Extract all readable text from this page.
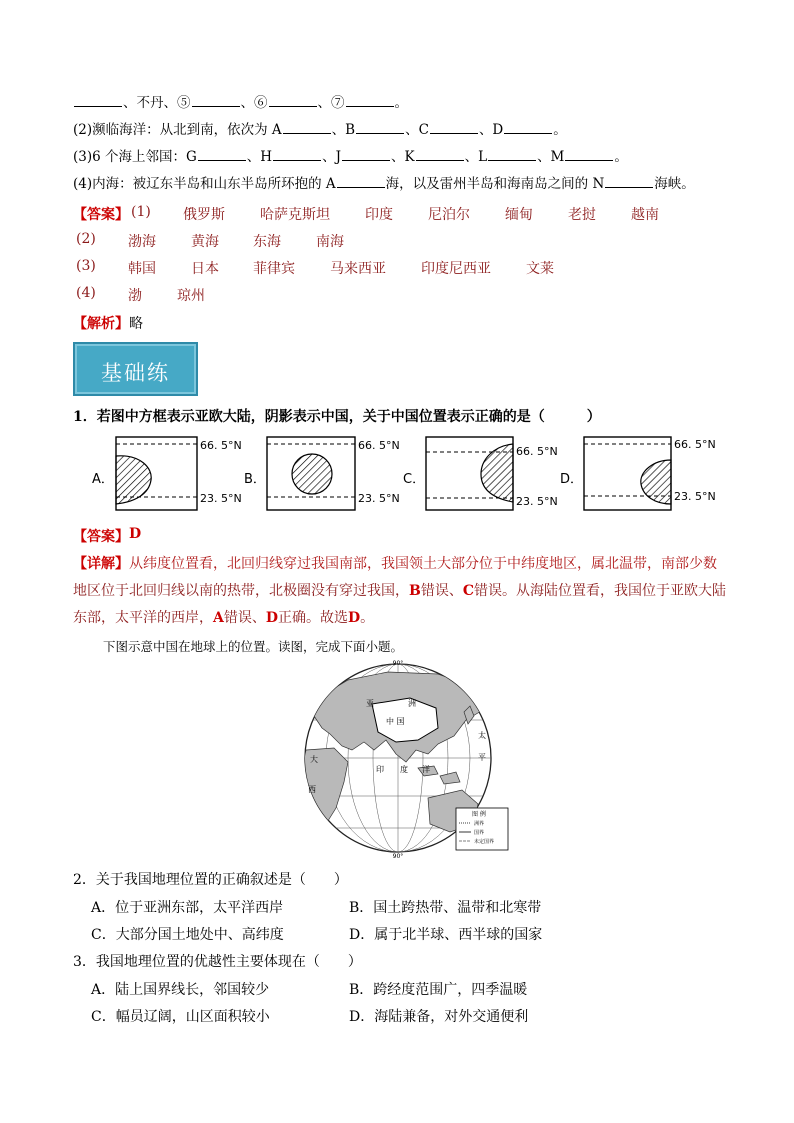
、不丹、⑤	、⑥	、⑦	。
(2)濒临海洋：从北到南，依次为 A	、B	、C	、D	。
(3)6 个海上邻国：G	、H	、J	、K	、L	、M	。
(4)内海：被辽东半岛和山东半岛所环抱的 A	海，以及雷州半岛和海南岛之间的 N	海峡。
【答案】 (1) 俄罗斯	哈萨克斯坦	印度	尼泊尔	缅甸	老挝	越南
(2) 渤海	黄海 东海	南海
(3) 韩国	日本 菲律宾	马来西亚	印度尼西亚	文莱
(4) 渤	琼州
【解析】 略
基础练
1．若图中方框表示亚欧大陆，阴影表示中国，关于中国位置表示正确的是（　　　）
A．
66. 5°N
23. 5°N
B．
66. 5°N
23. 5°N
C．
66. 5°N
23. 5°N
D．
66. 5°N
23. 5°N
【答案】 D
【详解】从纬度位置看，北回归线穿过我国南部，我国领土大部分位于中纬度地区，属北温带，南部少数
地区位于北回归线以南的热带，北极圈没有穿过我国，B错误、C错误。从海陆位置看，我国位于亚欧大陆
东部，太平洋的西岸，A错误、D正确。故选D。
下图示意中国在地球上的位置。读图，完成下面小题。
90°
90°
亚	洲
中 国
太
平
印 度 洋
西
大
图 例
洲界
国界
未定国界
2．关于我国地理位置的正确叙述是（　　）
A．位于亚洲东部，太平洋西岸	B．国土跨热带、温带和北寒带
C．大部分国土地处中、高纬度	D．属于北半球、西半球的国家
3．我国地理位置的优越性主要体现在（　　）
A．陆上国界线长，邻国较少	B．跨经度范围广，四季温暖
C．幅员辽阔，山区面积较小	D．海陆兼备，对外交通便利
